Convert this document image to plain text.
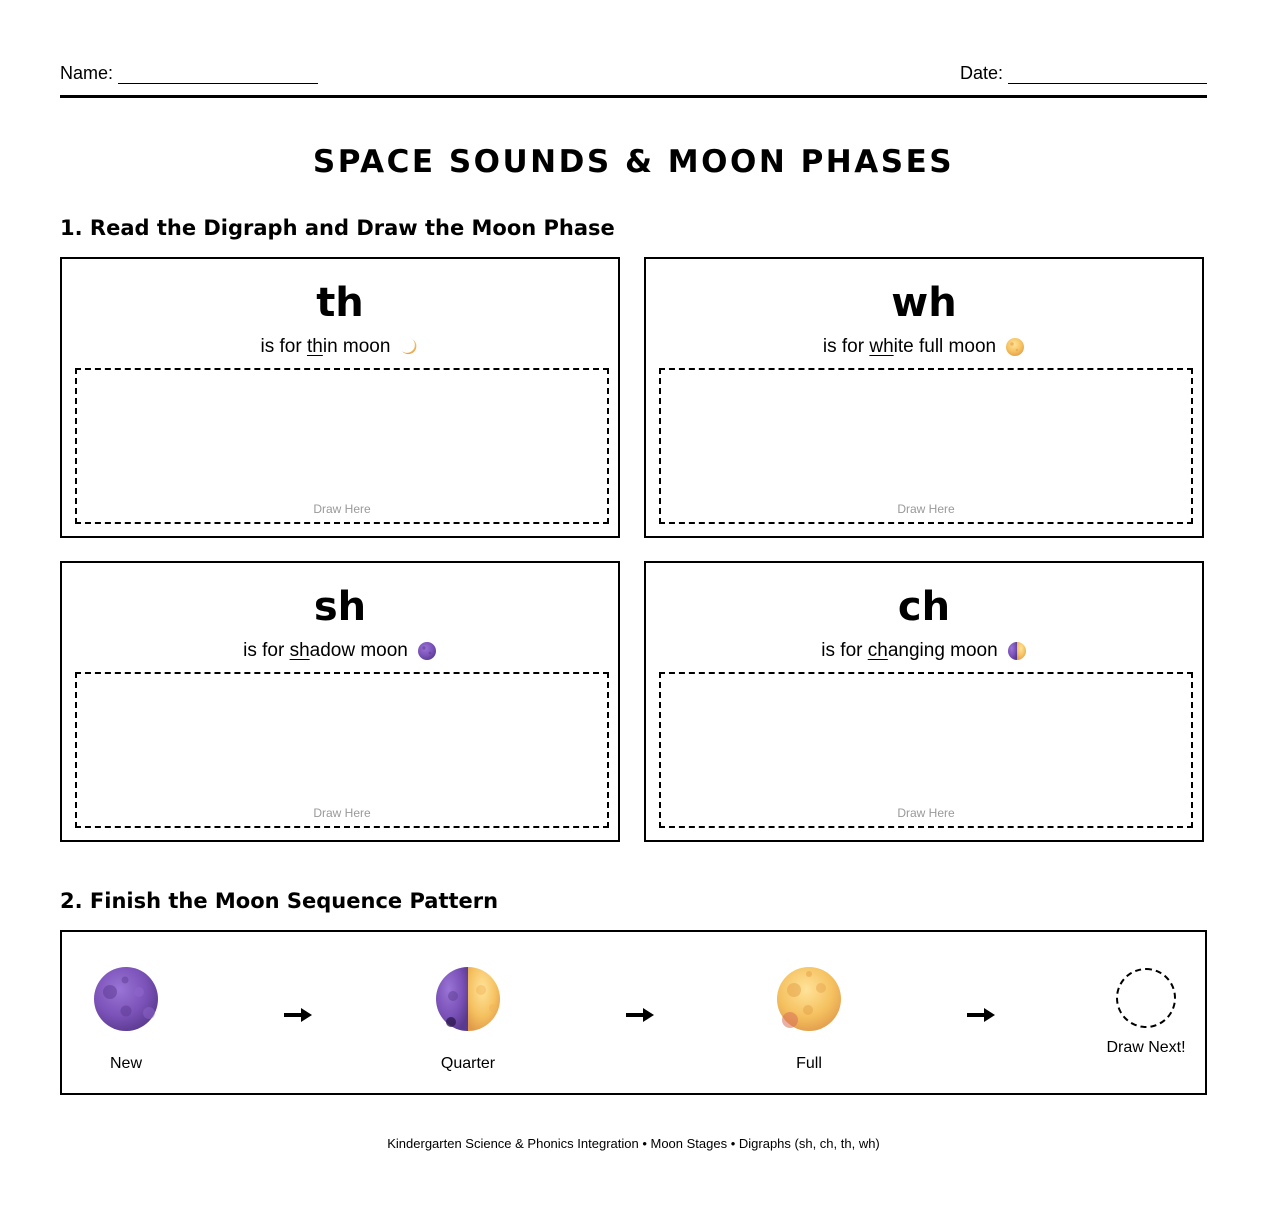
Name:	Date:
SPACE SOUNDS & MOON PHASES
1. Read the Digraph and Draw the Moon Phase
th
is for th in moon
Draw Here
wh
is for wh ite full moon
Draw Here
sh
is for sh adow moon
Draw Here
ch
is for ch anging moon
Draw Here
2. Finish the Moon Sequence Pattern
New	Quarter	Full
Draw Next!
Kindergarten Science & Phonics Integration • Moon Stages • Digraphs (sh, ch, th, wh)
